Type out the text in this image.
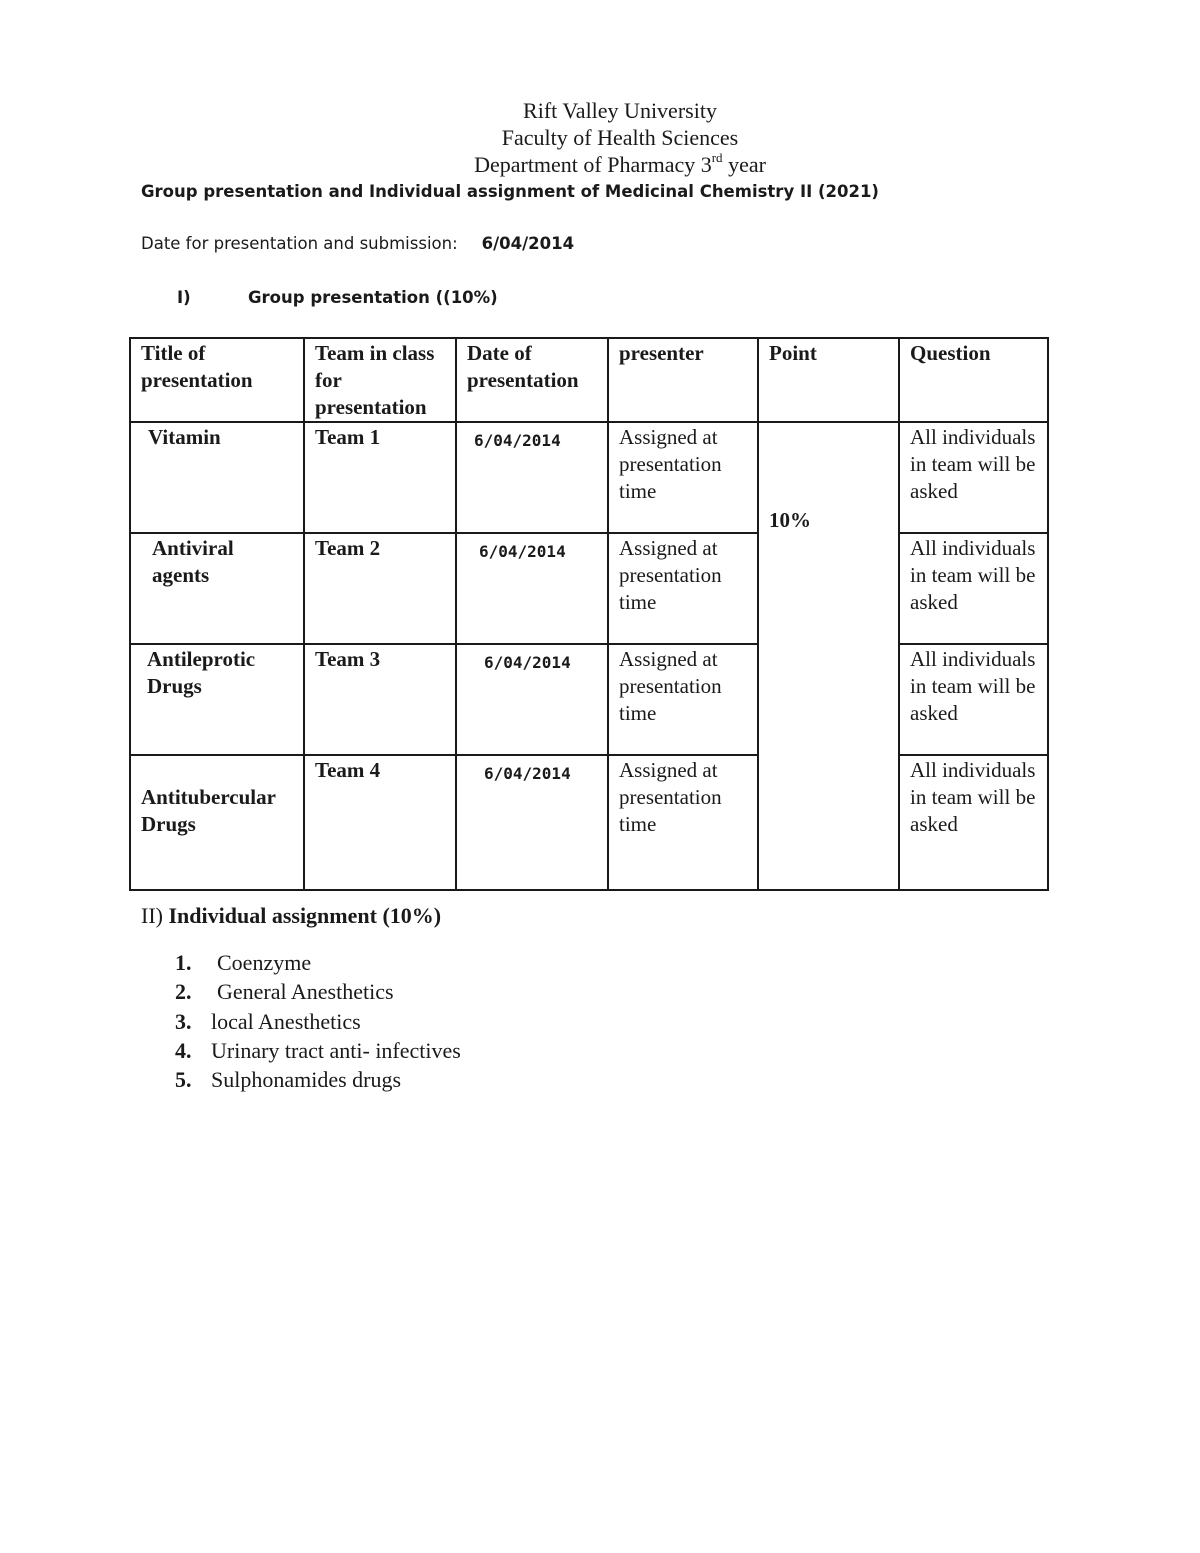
Rift Valley University
Faculty of Health Sciences
Department of Pharmacy 3rd year
Group presentation and Individual assignment of Medicinal Chemistry II (2021)
Date for presentation and submission: 6/04/2014
I)	Group presentation ((10%)
Title of presentation	Team in class for presentation	Date of presentation	presenter	Point	Question
Vitamin	Team 1	6/04/2014	Assigned at presentation time	10%	All individuals in team will be asked
Antiviral agents	Team 2	6/04/2014	Assigned at presentation time		All individuals in team will be asked
Antileprotic Drugs	Team 3	6/04/2014	Assigned at presentation time		All individuals in team will be asked
Antitubercular Drugs	Team 4	6/04/2014	Assigned at presentation time		All individuals in team will be asked
II) Individual assignment (10%)
1. Coenzyme
2. General Anesthetics
3. local Anesthetics
4. Urinary tract anti- infectives
5. Sulphonamides drugs
